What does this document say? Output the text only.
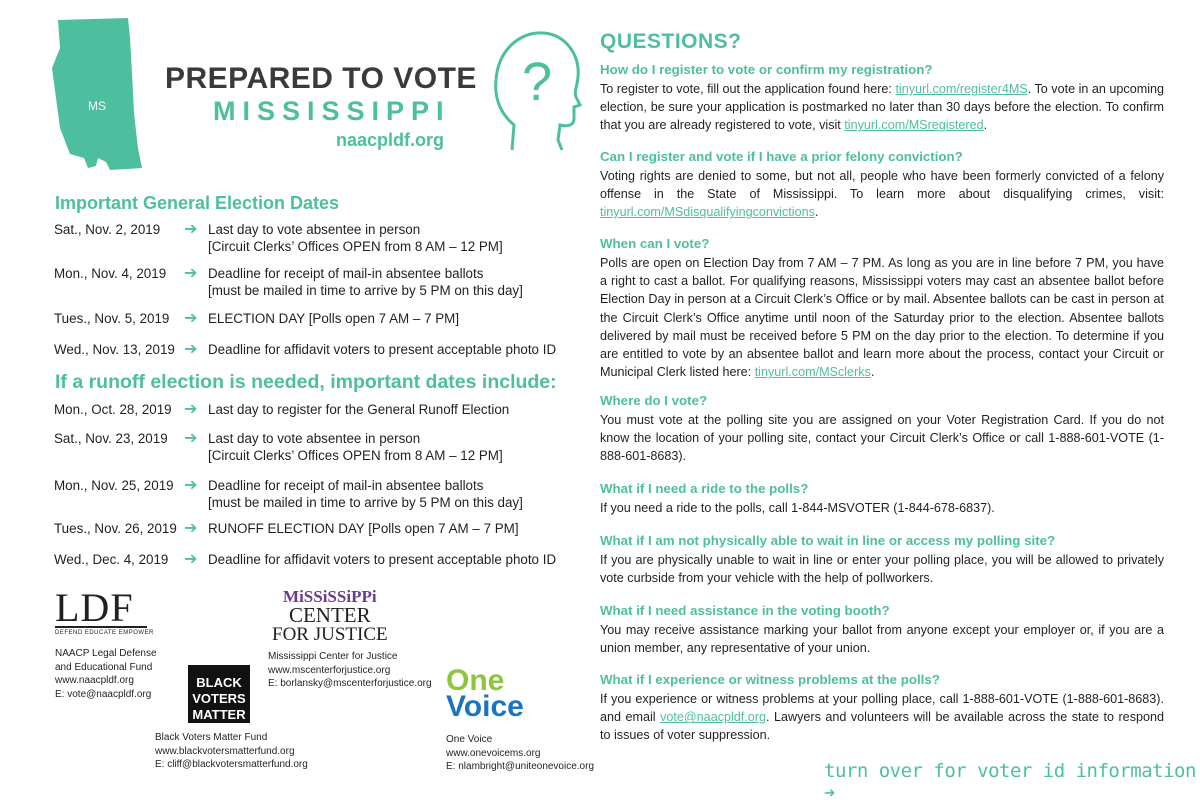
MS
PREPARED TO VOTE
MISSISSIPPI
naacpldf.org
?
Important General Election Dates
Sat., Nov. 2, 2019	➔ Last day to vote absentee in person
[Circuit Clerks’ Offices OPEN from 8 AM – 12 PM]
Mon., Nov. 4, 2019	➔ Deadline for receipt of mail-in absentee ballots
[must be mailed in time to arrive by 5 PM on this day]
Tues., Nov. 5, 2019 ➔ ELECTION DAY [Polls open 7 AM – 7 PM]
Wed., Nov. 13, 2019 ➔ Deadline for affidavit voters to present acceptable photo ID
If a runoff election is needed, important dates include:
Mon., Oct. 28, 2019 ➔ Last day to register for the General Runoff Election
Sat., Nov. 23, 2019	➔ Last day to vote absentee in person
[Circuit Clerks’ Offices OPEN from 8 AM – 12 PM]
Mon., Nov. 25, 2019 ➔ Deadline for receipt of mail-in absentee ballots
[must be mailed in time to arrive by 5 PM on this day]
Tues., Nov. 26, 2019 ➔ RUNOFF ELECTION DAY [Polls open 7 AM – 7 PM]
Wed., Dec. 4, 2019 ➔ Deadline for affidavit voters to present acceptable photo ID
LDF
DEFEND EDUCATE EMPOWER
NAACP Legal Defense
and Educational Fund
www.naacpldf.org
E: vote@naacpldf.org
MiSSiSSiPPi
CENTER
FOR JUSTICE
Mississippi Center for Justice
www.mscenterforjustice.org
E: borlansky@mscenterforjustice.org
BLACK
VOTERS
MATTER
Black Voters Matter Fund
www.blackvotersmatterfund.org
E: cliff@blackvotersmatterfund.org
One
Voice
One Voice
www.onevoicems.org
E: nlambright@uniteonevoice.org
QUESTIONS?
How do I register to vote or confirm my registration?
To register to vote, fill out the application found here: tinyurl.com/register4MS. To vote in an upcoming election, be sure your application is postmarked no later than 30 days before the election. To confirm that you are already registered to vote, visit tinyurl.com/MSregistered.
Can I register and vote if I have a prior felony conviction?
Voting rights are denied to some, but not all, people who have been formerly convicted of a felony offense in the State of Mississippi. To learn more about disqualifying crimes, visit: tinyurl.com/MSdisqualifyingconvictions.
When can I vote?
Polls are open on Election Day from 7 AM – 7 PM. As long as you are in line before 7 PM, you have a right to cast a ballot. For qualifying reasons, Mississippi voters may cast an absentee ballot before Election Day in person at a Circuit Clerk’s Office or by mail. Absentee ballots can be cast in person at the Circuit Clerk’s Office anytime until noon of the Saturday prior to the election. Absentee ballots delivered by mail must be received before 5 PM on the day prior to the election. To determine if you are entitled to vote by an absentee ballot and learn more about the process, contact your Circuit or Municipal Clerk listed here: tinyurl.com/MSclerks.
Where do I vote?
You must vote at the polling site you are assigned on your Voter Registration Card. If you do not know the location of your polling site, contact your Circuit Clerk’s Office or call 1-888-601-VOTE (1-888-601-8683).
What if I need a ride to the polls?
If you need a ride to the polls, call 1-844-MSVOTER (1-844-678-6837).
What if I am not physically able to wait in line or access my polling site?
If you are physically unable to wait in line or enter your polling place, you will be allowed to privately vote curbside from your vehicle with the help of pollworkers.
What if I need assistance in the voting booth?
You may receive assistance marking your ballot from anyone except your employer or, if you are a union member, any representative of your union.
What if I experience or witness problems at the polls?
If you experience or witness problems at your polling place, call 1-888-601-VOTE (1-888-601-8683). and email vote@naacpldf.org. Lawyers and volunteers will be available across the state to respond to issues of voter suppression.
turn over for voter id information ➔
